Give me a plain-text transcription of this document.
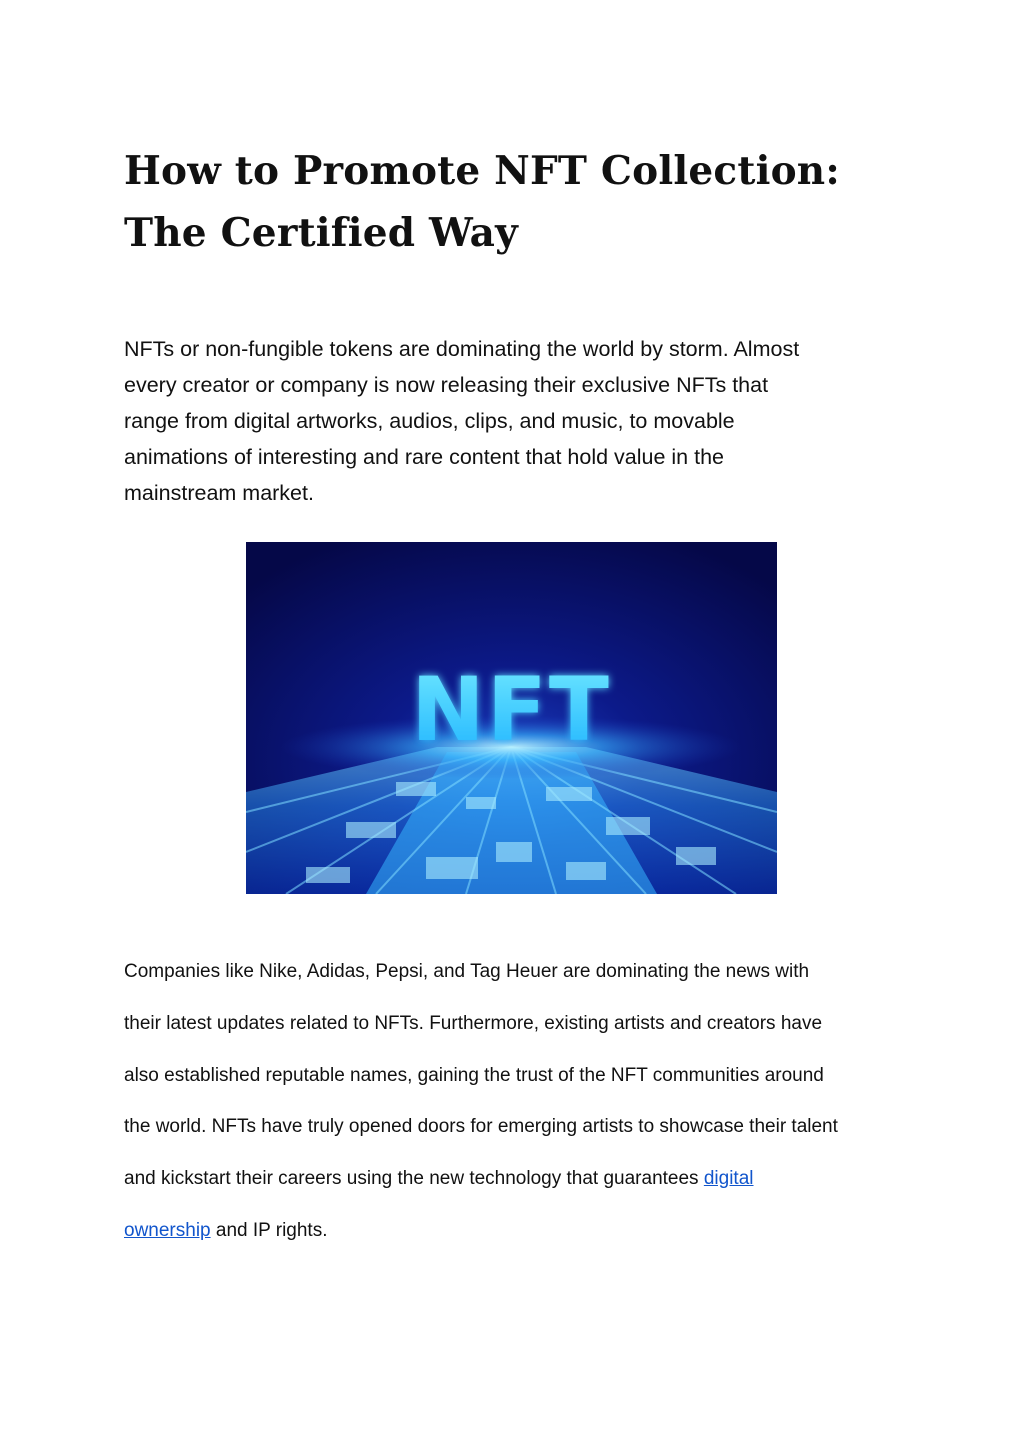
How to Promote NFT Collection:
The Certified Way

NFTs or non-fungible tokens are dominating the world by storm. Almost
every creator or company is now releasing their exclusive NFTs that
range from digital artworks, audios, clips, and music, to movable
animations of interesting and rare content that hold value in the
mainstream market.

NFT

Companies like Nike, Adidas, Pepsi, and Tag Heuer are dominating the news with
their latest updates related to NFTs. Furthermore, existing artists and creators have
also established reputable names, gaining the trust of the NFT communities around
the world. NFTs have truly opened doors for emerging artists to showcase their talent
and kickstart their careers using the new technology that guarantees digital
ownership and IP rights.
